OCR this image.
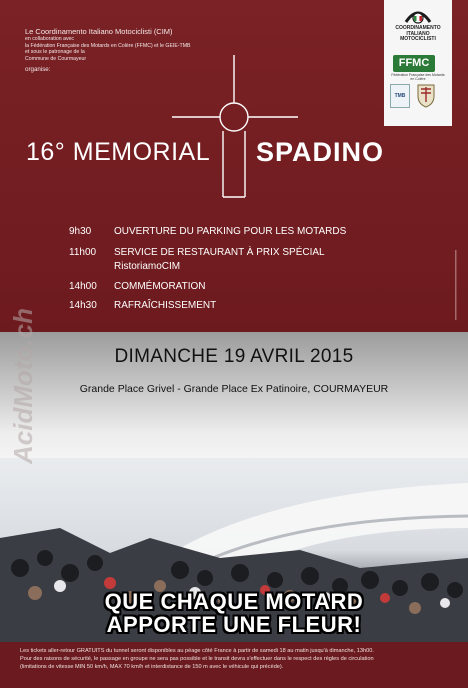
Le Coordinamento Italiano Motociclisti (CIM)
en collaboration avec
la Fédération Française des Motards en Colère (FFMC) et le GEIE-TMB
et sous le patronage de la
Commune de Courmayeur
organise:
COORDINAMENTO ITALIANO MOTOCICLISTI
FFMC
Fédération Française des Motards en Colère
TMB
16° MEMORIAL SPADINO
9h30 OUVERTURE DU PARKING POUR LES MOTARDS
11h00 SERVICE DE RESTAURANT À PRIX SPÉCIAL
RistoriamoCIM
14h00 COMMÉMORATION
14h30 RAFRAÎCHISSEMENT
DIMANCHE 19 AVRIL 2015
Grande Place Grivel - Grande Place Ex Patinoire, COURMAYEUR
QUE CHAQUE MOTARD
APPORTE UNE FLEUR!

Les tickets aller-retour GRATUITS du tunnel seront disponibles au péage côté France à partir de samedi 18 au matin jusqu'à dimanche, 13h00.
Pour des raisons de sécurité, le passage en groupe ne sera pas possible et le transit devra s'effectuer dans le respect des règles de circulation
(limitations de vitesse MIN 50 km/h, MAX 70 km/h et interdistance de 150 m avec le véhicule qui précède).

AcidMoto.ch
